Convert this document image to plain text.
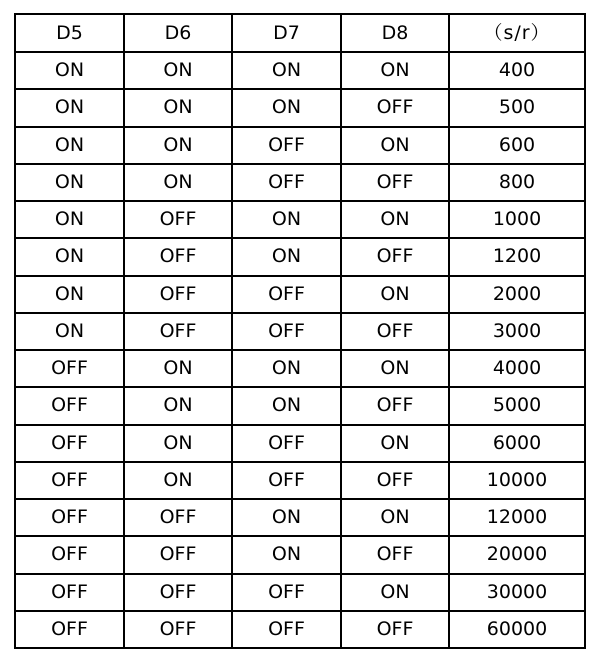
D5	D6	D7	D8	（s/r）
ON	ON	ON	ON	400
ON	ON	ON	OFF	500
ON	ON	OFF	ON	600
ON	ON	OFF	OFF	800
ON	OFF	ON	ON	1000
ON	OFF	ON	OFF	1200
ON	OFF	OFF	ON	2000
ON	OFF	OFF	OFF	3000
OFF	ON	ON	ON	4000
OFF	ON	ON	OFF	5000
OFF	ON	OFF	ON	6000
OFF	ON	OFF	OFF	10000
OFF	OFF	ON	ON	12000
OFF	OFF	ON	OFF	20000
OFF	OFF	OFF	ON	30000
OFF	OFF	OFF	OFF	60000
